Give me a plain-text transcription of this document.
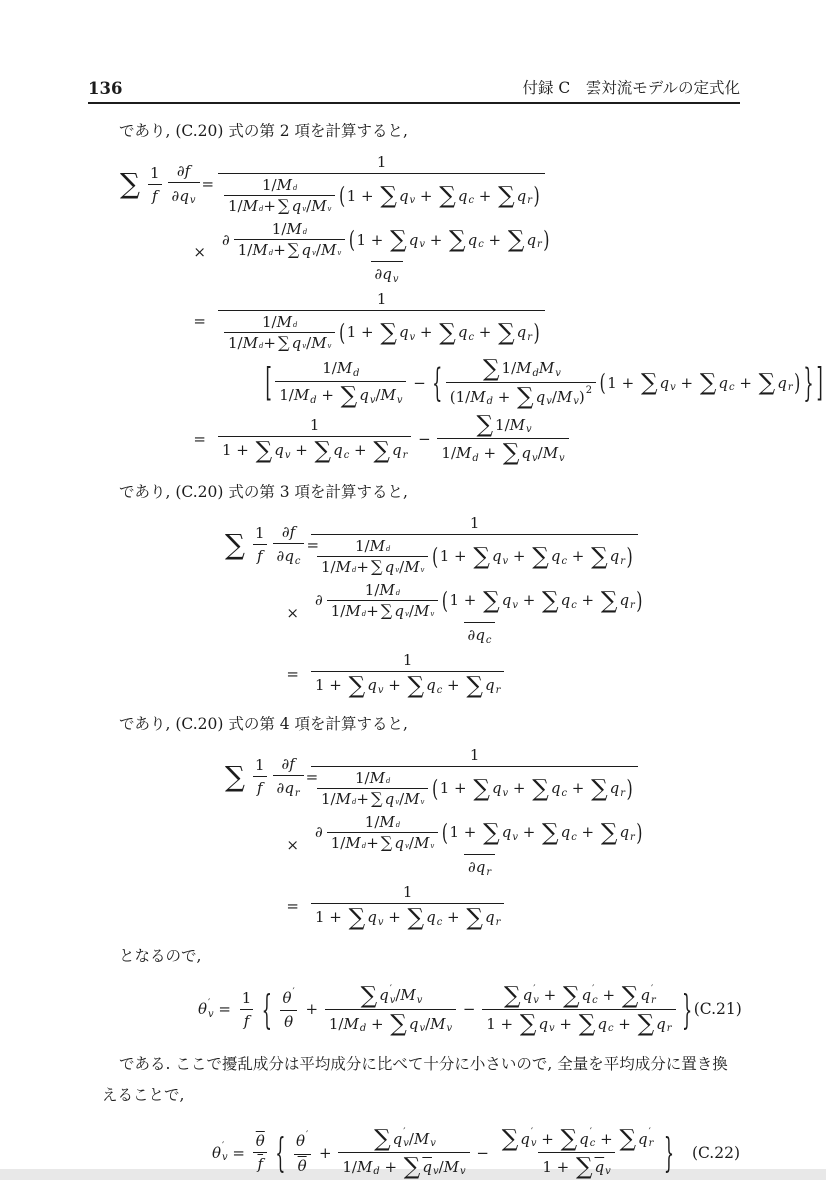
136	付録 C　雲対流モデルの定式化

であり, (C.20) 式の第 2 項を計算すると,

∑ 1
f
∂ f
∂ q v
=
1
1/ M d
1/ M d + ∑ q v / M v
( 1 + ∑ q v + ∑ q c + ∑ q r )
×
∂
1/ M d
1/ M d + ∑ q v / M v
( 1 + ∑ q v + ∑ q c + ∑ q r )
∂ q v
=
1
1/ M d
1/ M d + ∑ q v / M v
( 1 + ∑ q v + ∑ q c + ∑ q r )
[	1/ M d
1/ M d + ∑ q v / M v
− { ∑ 1/ M d M v
(1/ M d + ∑ q v / M v ) 2 ( 1 + ∑ q v + ∑ q c + ∑ q r ) } ]
=
1
1 + ∑ q v + ∑ q c + ∑ q r
− $\frac{\text{∑ 1/ M v}}{\text{1/ M d + ∑ q v / M v}}$

であり, (C.20) 式の第 3 項を計算すると,

∑ 1
f
∂ f
∂ q c
=
1
1/ M d
1/ M d + ∑ q v / M v
( 1 + ∑ q v + ∑ q c + ∑ q r )
×
∂
1/ M d
1/ M d + ∑ q v / M v
( 1 + ∑ q v + ∑ q c + ∑ q r )
∂ q c
=
1
1 + ∑ q v + ∑ q c + ∑ q r

であり, (C.20) 式の第 4 項を計算すると,

∑ 1
f
∂ f
∂ q r
=
1
1/ M d
1/ M d + ∑ q v / M v
( 1 + ∑ q v + ∑ q c + ∑ q r )
×
∂
1/ M d
1/ M d + ∑ q v / M v
( 1 + ∑ q v + ∑ q c + ∑ q r )
∂ q r
=
1
1 + ∑ q v + ∑ q c + ∑ q r

となるので,

θ ′
$v = \frac{1}{f}$ { θ ′
θ
+ ∑ q ′
v / M v
1/ M d + ∑ q v / M v − ∑ q ′
v + ∑ q ′
c + ∑ q ′
r
1 + ∑ q v + ∑ q c + ∑ q r } (C.21)
である. ここで擾乱成分は平均成分に比べて十分に小さいので, 全量を平均成分に置き換
えることで,
θ ′
$v = \frac{\overline{\theta}}{f}$ { θ ′
$\overline{\theta}$
+ ∑ q ′
v / M v
1/ M d + ∑ $\overline{q}$ v / M v − ∑ q ′
v + ∑ q ′
c + ∑ q ′
r
1 + ∑ $\overline{q}$ v } (C.22)
